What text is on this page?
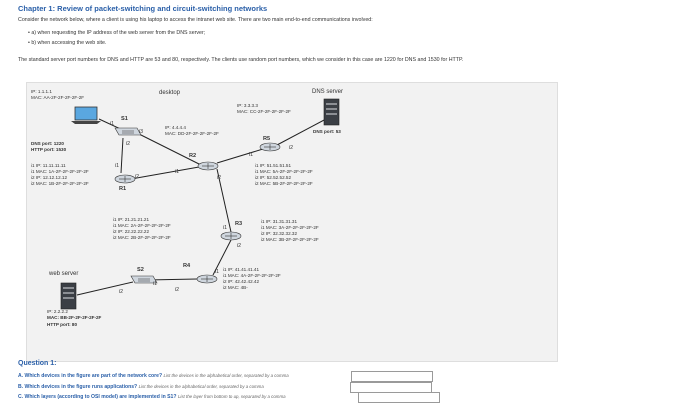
Chapter 1: Review of packet-switching and circuit-switching networks
Consider the network below, where a client is using his laptop to access the intranet web site. There are two main end-to-end communications involved:
• a) when requesting the IP address of the web server from the DNS server;
• b) when accessing the web site.
The standard server port numbers for DNS and HTTP are 53 and 80, respectively. The clients use random port numbers, which we consider in this case are 1220 for DNS and 1530 for HTTP.
IP: 1.1.1.1
MAC: AA-2F-2F-2F-2F-2F
desktop
DNS port: 1220
HTTP port: 1530
S1
i1
i3
i2
DNS server
IP: 3.3.3.3
MAC: CC-2F-2F-2F-2F-2F
DNS port: 53
IP: 4.4.4.4
MAC: DD-2F-2F-2F-2F-2F
i1 IP: 11.11.11.11
i1 MAC: 1A-2F-2F-2F-2F-2F
i2 IP: 12.12.12.12
i2 MAC: 1B-2F-2F-2F-2F-2F
R1
i1
i2
R2
i1
i2
i1 IP: 21.21.21.21
i1 MAC: 2A-2F-2F-2F-2F-2F
i2 IP: 22.22.22.22
i2 MAC: 2B-2F-2F-2F-2F-2F
R5
i1
i2
i1 IP: 51.51.51.51
i1 MAC: 5A-2F-2F-2F-2F-2F
i2 IP: 52.52.52.52
i2 MAC: 5B-2F-2F-2F-2F-2F
R3
i1
i2
i1 IP: 31.31.31.31
i1 MAC: 3A-2F-2F-2F-2F-2F
i2 IP: 32.32.32.32
i2 MAC: 3B-2F-2F-2F-2F-2F
R4
i1
i2
i1 IP: 41.41.41.41
i1 MAC: 4A-2F-2F-2F-2F-2F
i2 IP: 42.42.42.42
i2 MAC: 4B-
S2
i1
i2
web server
IP: 2.2.2.2
MAC: BB-2F-2F-2F-2F-2F
HTTP port: 80
Question 1:
A. Which devices in the figure are part of the network core? List the devices in the alphabetical order, separated by a comma
B. Which devices in the figure runs applications? List the devices in the alphabetical order, separated by a comma
C. Which layers (according to OSI model) are implemented in S1? List the layer from bottom to up, separated by a comma
